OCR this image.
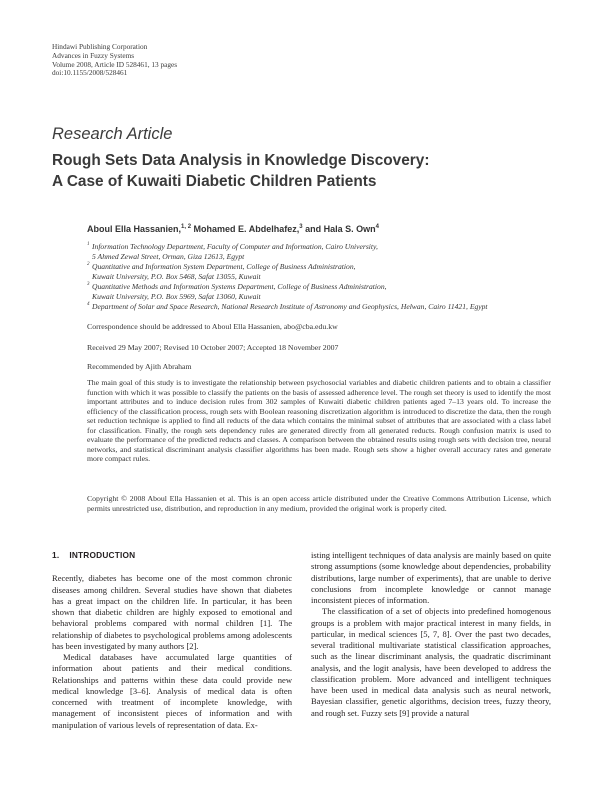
Hindawi Publishing Corporation
Advances in Fuzzy Systems
Volume 2008, Article ID 528461, 13 pages
doi:10.1155/2008/528461
Research Article
Rough Sets Data Analysis in Knowledge Discovery:
A Case of Kuwaiti Diabetic Children Patients
Aboul Ella Hassanien,$^{1, 2}$ Mohamed E. Abdelhafez,$^3$ and Hala S. Own$^4$
1 Information Technology Department, Faculty of Computer and Information, Cairo University,
5 Ahmed Zewal Street, Orman, Giza 12613, Egypt
2 Quantitative and Information System Department, College of Business Administration,
Kuwait University, P.O. Box 5468, Safat 13055, Kuwait
3 Quantitative Methods and Information Systems Department, College of Business Administration,
Kuwait University, P.O. Box 5969, Safat 13060, Kuwait
4 Department of Solar and Space Research, National Research Institute of Astronomy and Geophysics, Helwan, Cairo 11421, Egypt
Correspondence should be addressed to Aboul Ella Hassanien, abo@cba.edu.kw
Received 29 May 2007; Revised 10 October 2007; Accepted 18 November 2007
Recommended by Ajith Abraham
The main goal of this study is to investigate the relationship between psychosocial variables and diabetic children patients and to obtain a classifier function with which it was possible to classify the patients on the basis of assessed adherence level. The rough set theory is used to identify the most important attributes and to induce decision rules from 302 samples of Kuwaiti diabetic children patients aged 7–13 years old. To increase the efficiency of the classification process, rough sets with Boolean reasoning discretization algorithm is introduced to discretize the data, then the rough set reduction technique is applied to find all reducts of the data which contains the minimal subset of attributes that are associated with a class label for classification. Finally, the rough sets dependency rules are generated directly from all generated reducts. Rough confusion matrix is used to evaluate the performance of the predicted reducts and classes. A comparison between the obtained results using rough sets with decision tree, neural networks, and statistical discriminant analysis classifier algorithms has been made. Rough sets show a higher overall accuracy rates and generate more compact rules.
Copyright © 2008 Aboul Ella Hassanien et al. This is an open access article distributed under the Creative Commons Attribution License, which permits unrestricted use, distribution, and reproduction in any medium, provided the original work is properly cited.
1. INTRODUCTION

Recently, diabetes has become one of the most common chronic diseases among children. Several studies have shown that diabetes has a great impact on the children life. In particular, it has been shown that diabetic children are highly exposed to emotional and behavioral problems compared with normal children [1]. The relationship of diabetes to psychological problems among adolescents has been investigated by many authors [2].

Medical databases have accumulated large quantities of information about patients and their medical conditions. Relationships and patterns within these data could provide new medical knowledge [3–6]. Analysis of medical data is often concerned with treatment of incomplete knowledge, with management of inconsistent pieces of information and with manipulation of various levels of representation of data. Ex-

isting intelligent techniques of data analysis are mainly based on quite strong assumptions (some knowledge about dependencies, probability distributions, large number of experiments), that are unable to derive conclusions from incomplete knowledge or cannot manage inconsistent pieces of information.

The classification of a set of objects into predefined homogenous groups is a problem with major practical interest in many fields, in particular, in medical sciences [5, 7, 8]. Over the past two decades, several traditional multivariate statistical classification approaches, such as the linear discriminant analysis, the quadratic discriminant analysis, and the logit analysis, have been developed to address the classification problem. More advanced and intelligent techniques have been used in medical data analysis such as neural network, Bayesian classifier, genetic algorithms, decision trees, fuzzy theory, and rough set. Fuzzy sets [9] provide a natural
